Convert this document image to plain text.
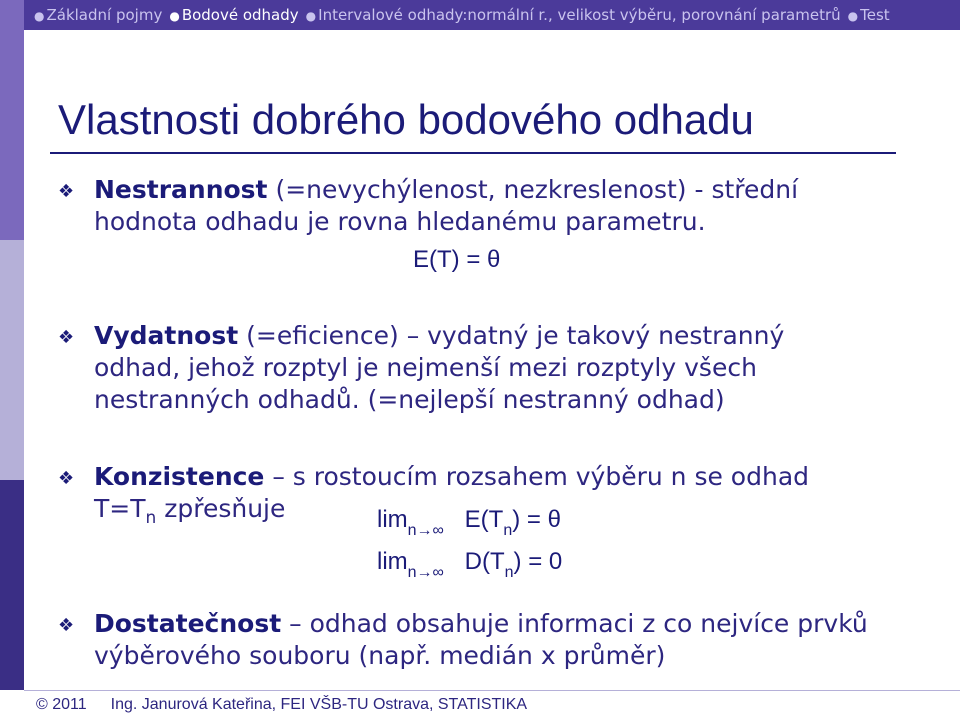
● Základní pojmy ● Bodové odhady ● Intervalové odhady:normální r., velikost výběru, porovnání parametrů ● Test
Vlastnosti dobrého bodového odhadu
❖ Nestrannost (=nevychýlenost, nezkreslenost) - střední hodnota odhadu je rovna hledanému parametru.
E(T) = θ
❖ Vydatnost (=eficience) – vydatný je takový nestranný odhad, jehož rozptyl je nejmenší mezi rozptyly všech nestranných odhadů. (=nejlepší nestranný odhad)
❖ Konzistence – s rostoucím rozsahem výběru n se odhad
$T=T_n$ zpřesňuje	$\lim_{n\to\infty} E(T_n) = \theta$
$\lim_{n\to\infty} D(T_n) = 0$
❖ Dostatečnost – odhad obsahuje informaci z co nejvíce prvků výběrového souboru (např. medián x průměr)
© 2011 Ing. Janurová Kateřina, FEI VŠB-TU Ostrava, STATISTIKA
